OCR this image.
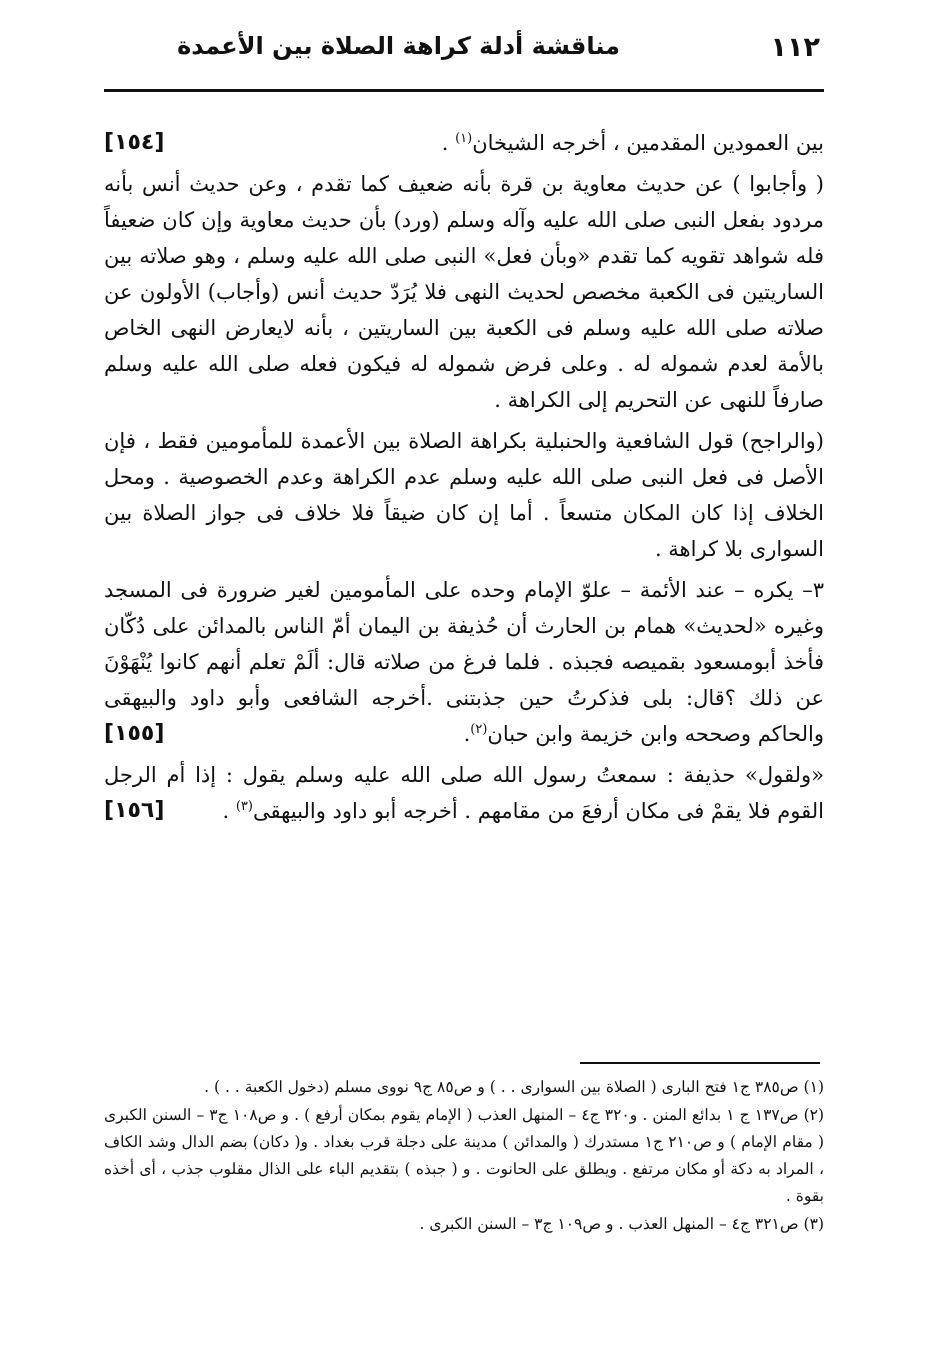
١١٢
مناقشة أدلة كراهة الصلاة بين الأعمدة

[١٥٤]	بين العمودين المقدمين ، أخرجه الشيخان$^{(١)}$ .

( وأجابوا ) عن حديث معاوية بن قرة بأنه ضعيف كما تقدم ، وعن حديث أنس بأنه مردود بفعل النبى صلى الله عليه وآله وسلم (ورد) بأن حديث معاوية وإن كان ضعيفاً فله شواهد تقويه كما تقدم «وبأن فعل» النبى صلى الله عليه وسلم ، وهو صلاته بين الساريتين فى الكعبة مخصص لحديث النهى فلا يُرَدّ حديث أنس (وأجاب) الأولون عن صلاته صلى الله عليه وسلم فى الكعبة بين الساريتين ، بأنه لايعارض النهى الخاص بالأمة لعدم شموله له . وعلى فرض شموله له فيكون فعله صلى الله عليه وسلم صارفاً للنهى عن التحريم إلى الكراهة .

(والراجح) قول الشافعية والحنبلية بكراهة الصلاة بين الأعمدة للمأمومين فقط ، فإن الأصل فى فعل النبى صلى الله عليه وسلم عدم الكراهة وعدم الخصوصية . ومحل الخلاف إذا كان المكان متسعاً . أما إن كان ضيقاً فلا خلاف فى جواز الصلاة بين السوارى بلا كراهة .

٣– يكره – عند الأئمة – علوّ الإمام وحده على المأمومين لغير ضرورة فى المسجد وغيره «لحديث» همام بن الحارث أن حُذيفة بن اليمان أمّ الناس بالمدائن على دُكّان فأخذ أبومسعود بقميصه فجبذه . فلما فرغ من صلاته قال: ألَمْ تعلم أنهم كانوا يُنْهَوْنَ عن ذلك ؟قال: بلى فذكرتُ حين جذبتنى .أخرجه الشافعى وأبو داود والبيهقى والحاكم وصححه وابن خزيمة وابن حبان$^{(٢)}$.
[١٥٥]

«ولقول» حذيفة : سمعتُ رسول الله صلى الله عليه وسلم يقول : إذا أم الرجل القوم فلا يقمْ فى مكان أرفعَ من مقامهم . أخرجه أبو داود والبيهقى$^{(٣)}$ .
[١٥٦]

(١) ص٣٨٥ ج١ فتح البارى ( الصلاة بين السوارى . . ) و ص٨٥ ج٩ نووى مسلم (دخول الكعبة . . ) .

(٢) ص١٣٧ ج ١ بدائع المنن . و٣٢٠ ج٤ – المنهل العذب ( الإمام يقوم بمكان أرفع ) . و ص١٠٨ ج٣ – السنن الكبرى ( مقام الإمام ) و ص٢١٠ ج١ مستدرك ( والمدائن ) مدينة على دجلة قرب بغداد . و( دكان) بضم الدال وشد الكاف ، المراد به دكة أو مكان مرتفع . ويطلق على الحانوت . و ( جبذه ) بتقديم الباء على الذال مقلوب جذب ، أى أخذه بقوة .

(٣) ص٣٢١ ج٤ – المنهل العذب . و ص١٠٩ ج٣ – السنن الكبرى .
